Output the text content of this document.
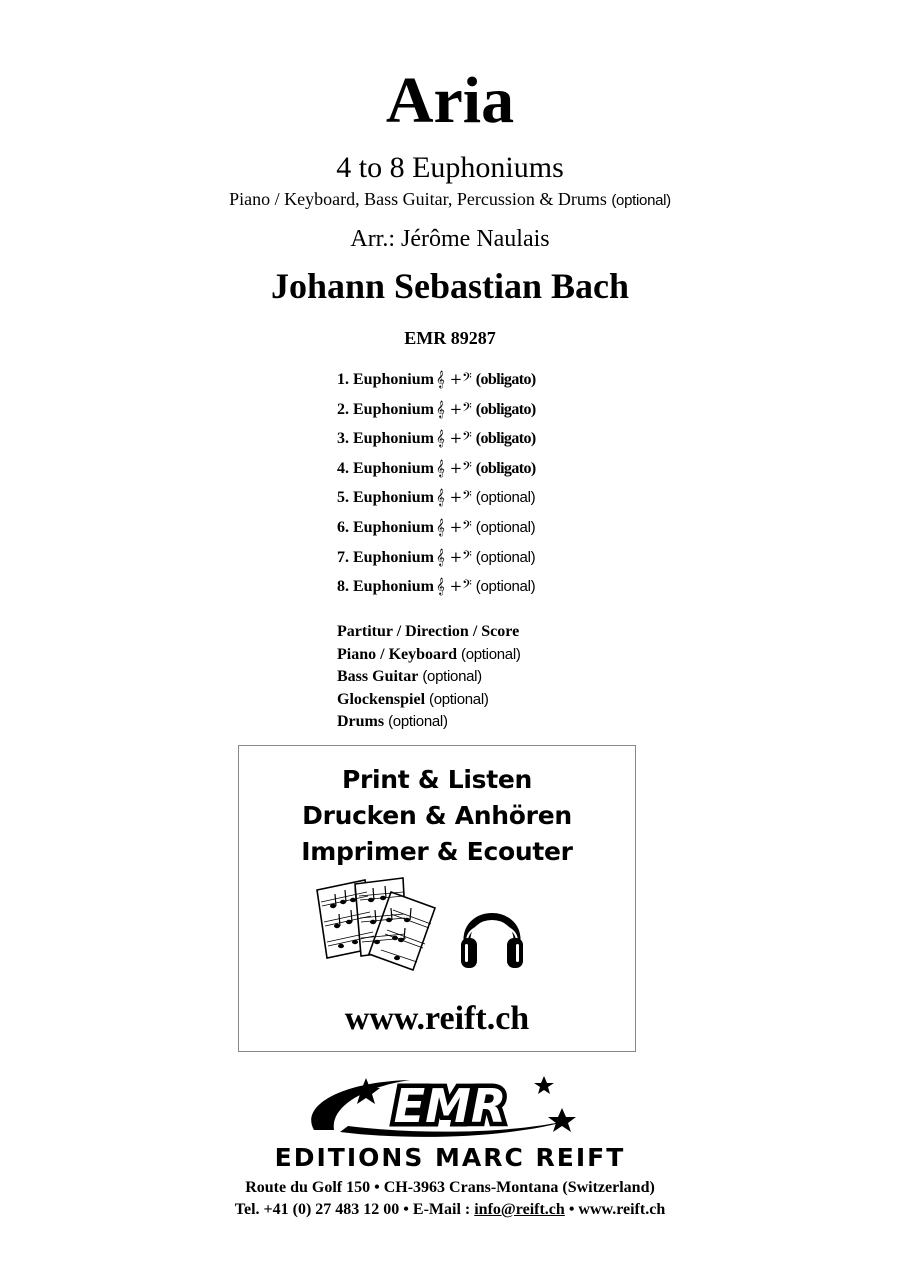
Aria
4 to 8 Euphoniums
Piano / Keyboard, Bass Guitar, Percussion & Drums (optional)
Arr.: Jérôme Naulais
Johann Sebastian Bach
EMR 89287
1. Euphonium 𝄞 +𝄢 (obligato)
2. Euphonium 𝄞 +𝄢 (obligato)
3. Euphonium 𝄞 +𝄢 (obligato)
4. Euphonium 𝄞 +𝄢 (obligato)
5. Euphonium 𝄞 +𝄢 (optional)
6. Euphonium 𝄞 +𝄢 (optional)
7. Euphonium 𝄞 +𝄢 (optional)
8. Euphonium 𝄞 +𝄢 (optional)
Partitur / Direction / Score
Piano / Keyboard (optional)
Bass Guitar (optional)
Glockenspiel (optional)
Drums (optional)
Print & Listen
Drucken & Anhören
Imprimer & Ecouter
www.reift.ch
EMR
EDITIONS MARC REIFT
Route du Golf 150 • CH-3963 Crans-Montana (Switzerland)
Tel. +41 (0) 27 483 12 00 • E-Mail : info@reift.ch • www.reift.ch
